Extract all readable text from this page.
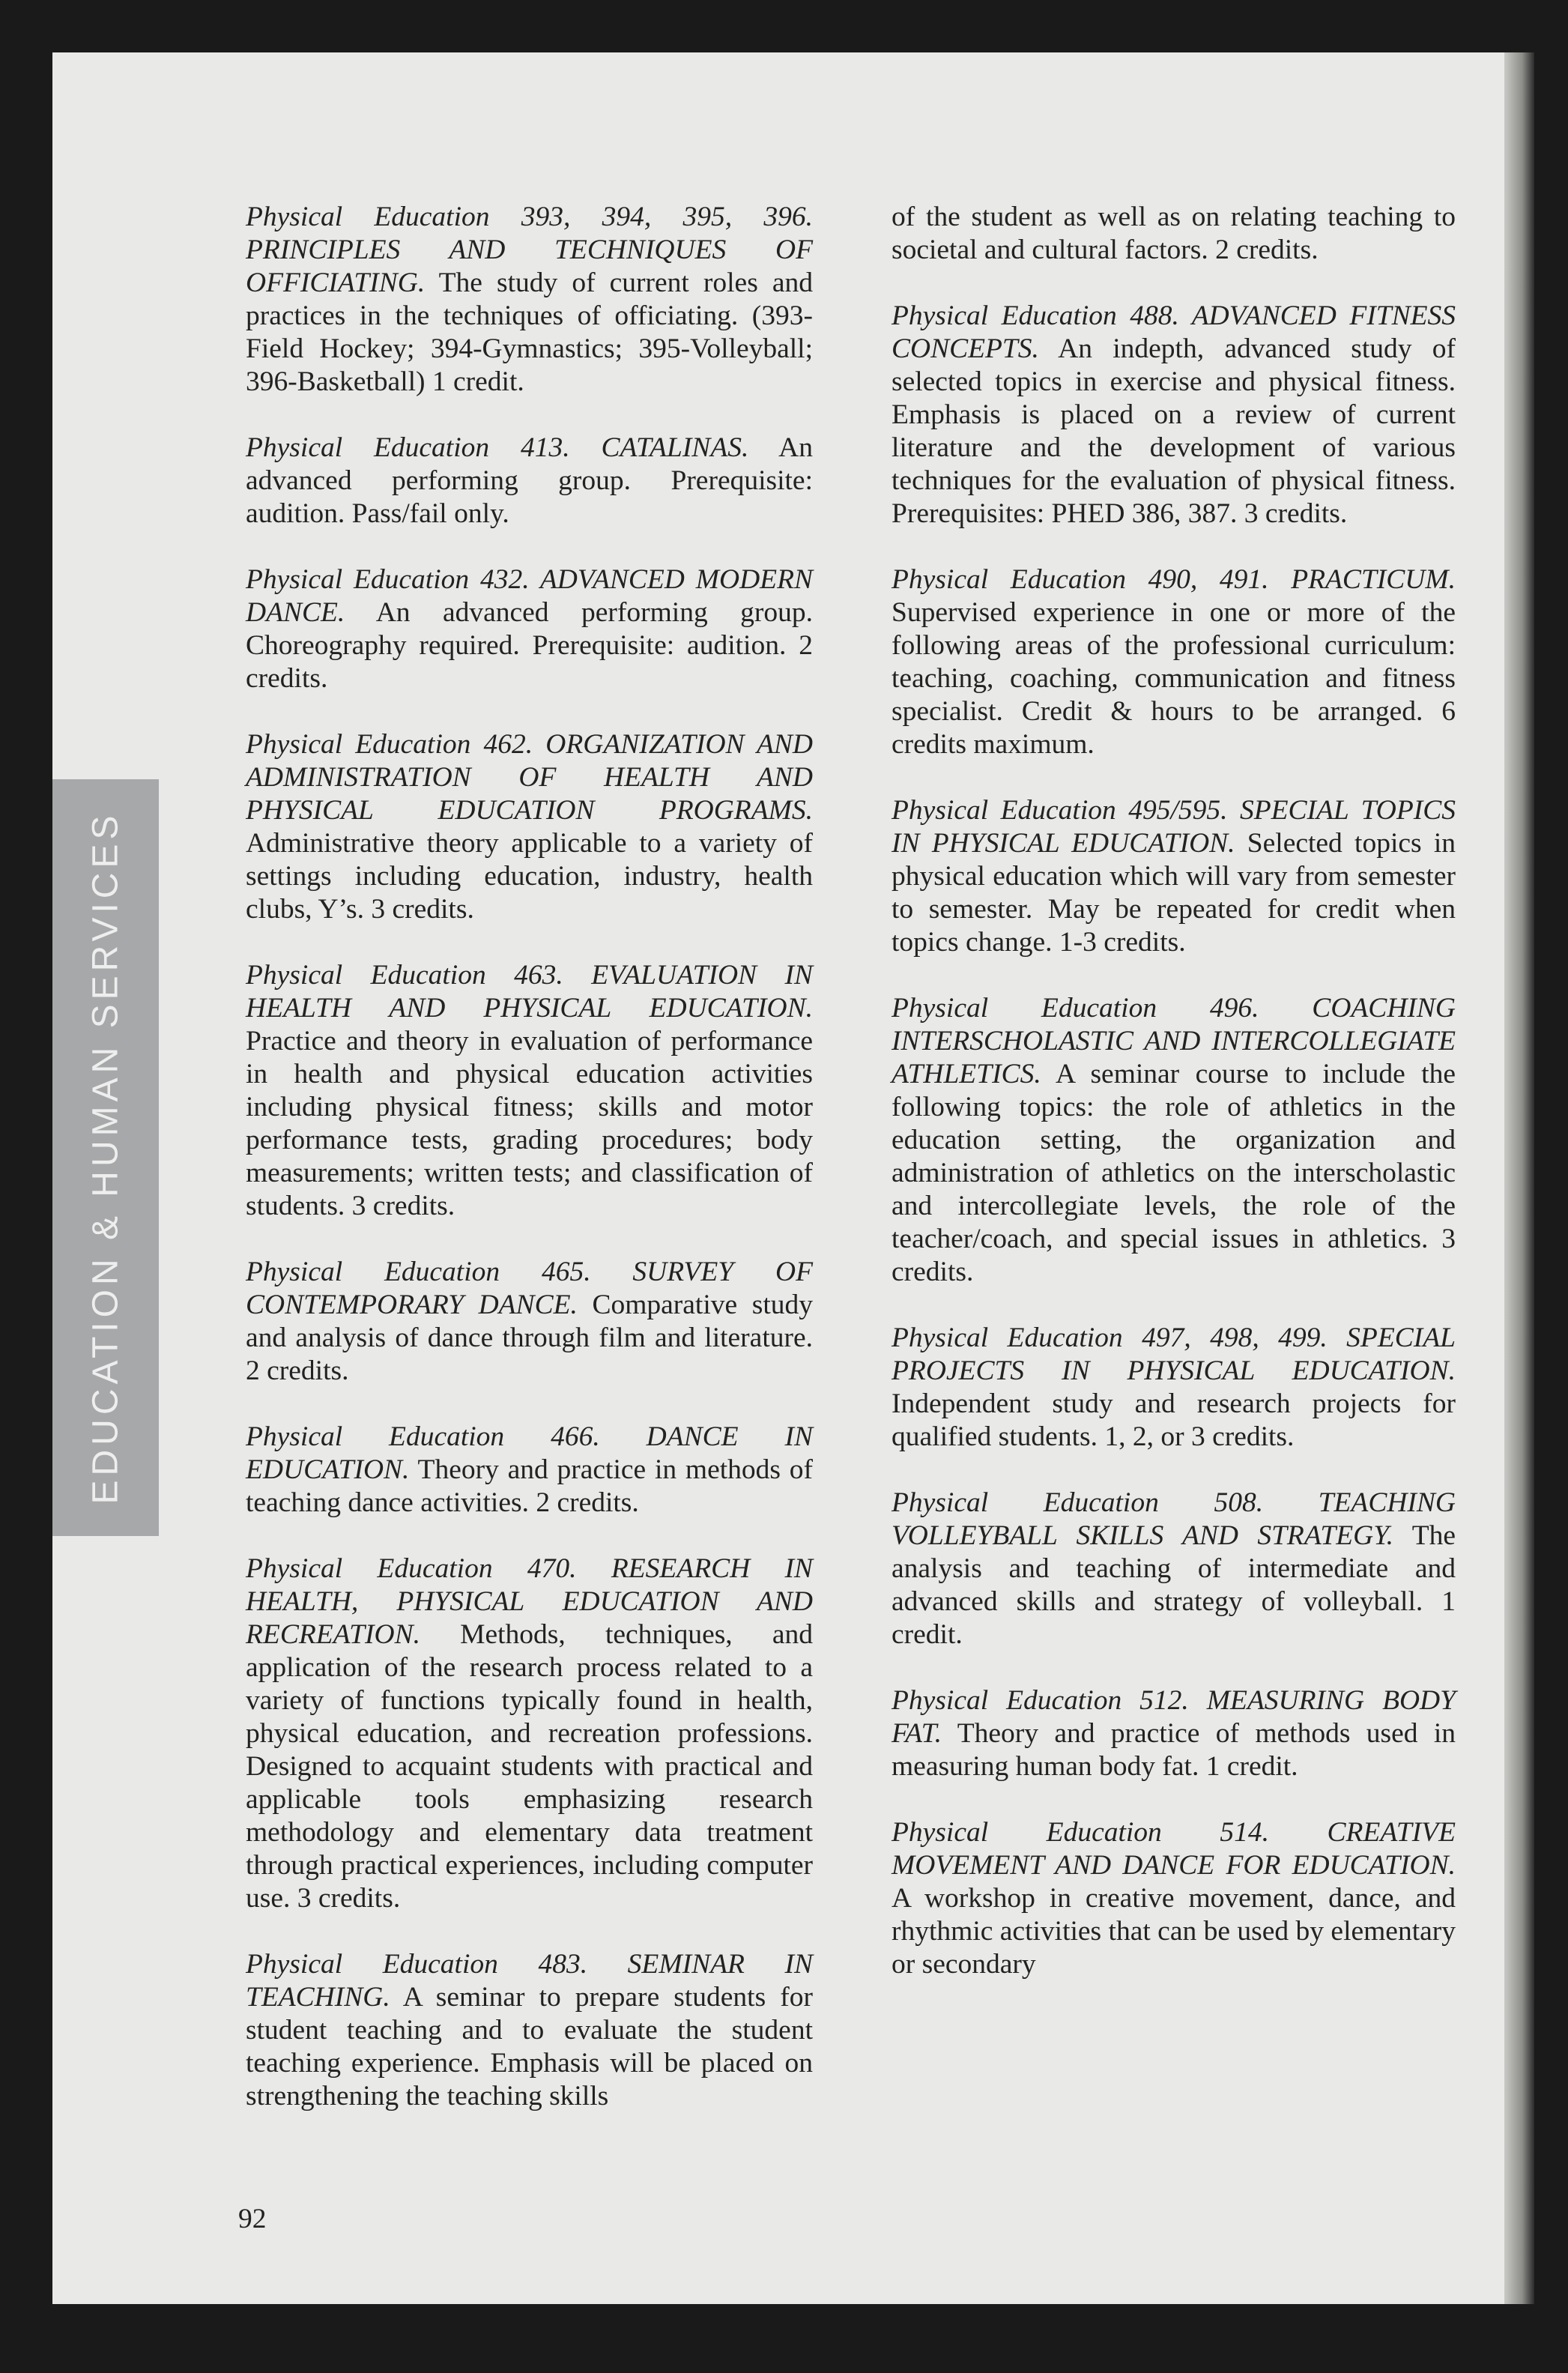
EDUCATION & HUMAN SERVICES

Physical Education 393, 394, 395, 396. PRINCIPLES AND TECHNIQUES OF OFFICIATING. The study of current roles and practices in the techniques of officiating. (393-Field Hockey; 394-Gymnastics; 395-Volleyball; 396-Basketball) 1 credit.

Physical Education 413. CATALINAS. An advanced performing group. Prerequisite: audition. Pass/fail only.

Physical Education 432. ADVANCED MODERN DANCE. An advanced performing group. Choreography required. Prerequisite: audition. 2 credits.

Physical Education 462. ORGANIZATION AND ADMINISTRATION OF HEALTH AND PHYSICAL EDUCATION PROGRAMS. Administrative theory applicable to a variety of settings including education, industry, health clubs, Y’s. 3 credits.

Physical Education 463. EVALUATION IN HEALTH AND PHYSICAL EDUCATION. Practice and theory in evaluation of performance in health and physical education activities including physical fitness; skills and motor performance tests, grading procedures; body measurements; written tests; and classification of students. 3 credits.

Physical Education 465. SURVEY OF CONTEMPORARY DANCE. Comparative study and analysis of dance through film and literature. 2 credits.

Physical Education 466. DANCE IN EDUCATION. Theory and practice in methods of teaching dance activities. 2 credits.

Physical Education 470. RESEARCH IN HEALTH, PHYSICAL EDUCATION AND RECREATION. Methods, techniques, and application of the research process related to a variety of functions typically found in health, physical education, and recreation professions. Designed to acquaint students with practical and applicable tools emphasizing research methodology and elementary data treatment through practical experiences, including computer use. 3 credits.

Physical Education 483. SEMINAR IN TEACHING. A seminar to prepare students for student teaching and to evaluate the student teaching experience. Emphasis will be placed on strengthening the teaching skills

of the student as well as on relating teaching to societal and cultural factors. 2 credits.

Physical Education 488. ADVANCED FITNESS CONCEPTS. An indepth, advanced study of selected topics in exercise and physical fitness. Emphasis is placed on a review of current literature and the development of various techniques for the evaluation of physical fitness. Prerequisites: PHED 386, 387. 3 credits.

Physical Education 490, 491. PRACTICUM. Supervised experience in one or more of the following areas of the professional curriculum: teaching, coaching, communication and fitness specialist. Credit & hours to be arranged. 6 credits maximum.

Physical Education 495/595. SPECIAL TOPICS IN PHYSICAL EDUCATION. Selected topics in physical education which will vary from semester to semester. May be repeated for credit when topics change. 1-3 credits.

Physical Education 496. COACHING INTERSCHOLASTIC AND INTERCOLLEGIATE ATHLETICS. A seminar course to include the following topics: the role of athletics in the education setting, the organization and administration of athletics on the interscholastic and intercollegiate levels, the role of the teacher/coach, and special issues in athletics. 3 credits.

Physical Education 497, 498, 499. SPECIAL PROJECTS IN PHYSICAL EDUCATION. Independent study and research projects for qualified students. 1, 2, or 3 credits.

Physical Education 508. TEACHING VOLLEYBALL SKILLS AND STRATEGY. The analysis and teaching of intermediate and advanced skills and strategy of volleyball. 1 credit.

Physical Education 512. MEASURING BODY FAT. Theory and practice of methods used in measuring human body fat. 1 credit.

Physical Education 514. CREATIVE MOVEMENT AND DANCE FOR EDUCATION. A workshop in creative movement, dance, and rhythmic activities that can be used by elementary or secondary

92
